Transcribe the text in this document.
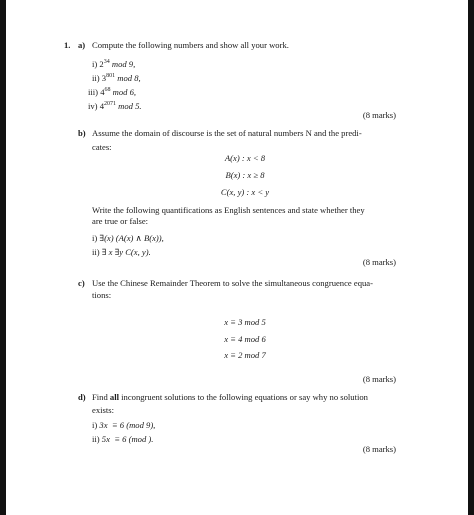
1. a) Compute the following numbers and show all your work.
i) $2^{34}$ mod 9,
ii) $3^{801}$ mod 8,
iii) $4^{68}$ mod 6,
iv) $4^{2071}$ mod 5.
(8 marks)
b) Assume the domain of discourse is the set of natural numbers N and the predi-
cates:
A(x) : x < 8
B(x) : x ≥ 8
C(x, y) : x < y
Write the following quantifications as English sentences and state whether they
are true or false:
i) ∃(x) (A(x) ∧ B(x)),
ii) ∃ x ∃y C(x, y).
(8 marks)
c) Use the Chinese Remainder Theorem to solve the simultaneous congruence equa-
tions:
x ≡ 3 mod 5
x ≡ 4 mod 6
x ≡ 2 mod 7
(8 marks)
d) Find all incongruent solutions to the following equations or say why no solution
exists:
i) 3x  ≡ 6 (mod 9),
ii) 5x  ≡ 6 (mod ).
(8 marks)
